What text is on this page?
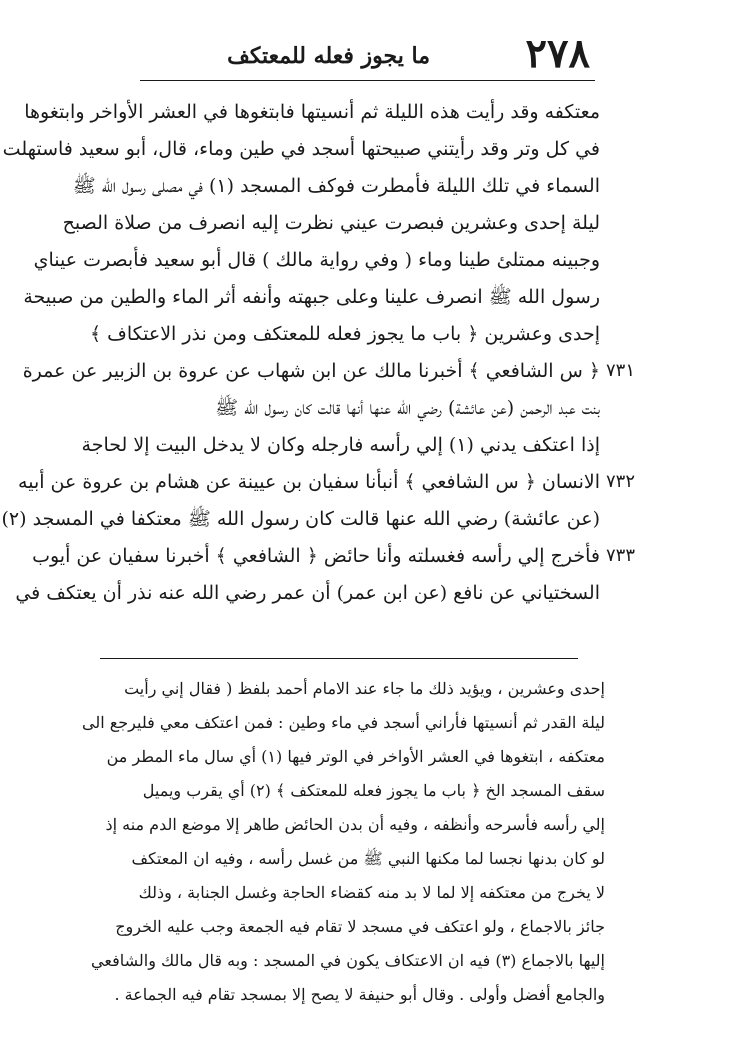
٢٧٨
ما يجوز فعله للمعتكف
معتكفه وقد رأيت هذه الليلة ثم أنسيتها فابتغوها في العشر الأواخر وابتغوها
في كل وتر وقد رأيتني صبيحتها أسجد في طين وماء، قال، أبو سعيد فاستهلت
السماء في تلك الليلة فأمطرت فوكف المسجد (١) في مصلى رسول الله ﷺ
ليلة إحدى وعشرين فبصرت عيني نظرت إليه انصرف من صلاة الصبح
وجبينه ممتلئ طينا وماء ( وفي رواية مالك ) قال أبو سعيد فأبصرت عيناي
رسول الله ﷺ انصرف علينا وعلى جبهته وأنفه أثر الماء والطين من صبيحة
إحدى وعشرين ﴿ باب ما يجوز فعله للمعتكف ومن نذر الاعتكاف ﴾
٧٣١
﴿ س الشافعي ﴾ أخبرنا مالك عن ابن شهاب عن عروة بن الزبير عن عمرة
بنت عبد الرحمن (عن عائشة) رضي الله عنها أنها قالت كان رسول الله ﷺ
إذا اعتكف يدني (١) إلي رأسه فارجله وكان لا يدخل البيت إلا لحاجة
٧٣٢
الانسان ﴿ س الشافعي ﴾ أنبأنا سفيان بن عيينة عن هشام بن عروة عن أبيه
(عن عائشة) رضي الله عنها قالت كان رسول الله ﷺ معتكفا في المسجد (٢)
٧٣٣
فأخرج إلي رأسه فغسلته وأنا حائض ﴿ الشافعي ﴾ أخبرنا سفيان عن أيوب
السختياني عن نافع (عن ابن عمر) أن عمر رضي الله عنه نذر أن يعتكف في
إحدى وعشرين ، ويؤيد ذلك ما جاء عند الامام أحمد بلفظ ( فقال إني رأيت
ليلة القدر ثم أنسيتها فأراني أسجد في ماء وطين : فمن اعتكف معي فليرجع الى
معتكفه ، ابتغوها في العشر الأواخر في الوتر فيها (١) أي سال ماء المطر من
سقف المسجد الخ ﴿ باب ما يجوز فعله للمعتكف ﴾ (٢) أي يقرب ويميل
إلي رأسه فأسرحه وأنظفه ، وفيه أن بدن الحائض طاهر إلا موضع الدم منه إذ
لو كان بدنها نجسا لما مكنها النبي ﷺ من غسل رأسه ، وفيه ان المعتكف
لا يخرج من معتكفه إلا لما لا بد منه كقضاء الحاجة وغسل الجنابة ، وذلك
جائز بالاجماع ، ولو اعتكف في مسجد لا تقام فيه الجمعة وجب عليه الخروج
إليها بالاجماع (٣) فيه ان الاعتكاف يكون في المسجد : وبه قال مالك والشافعي
والجامع أفضل وأولى . وقال أبو حنيفة لا يصح إلا بمسجد تقام فيه الجماعة .
